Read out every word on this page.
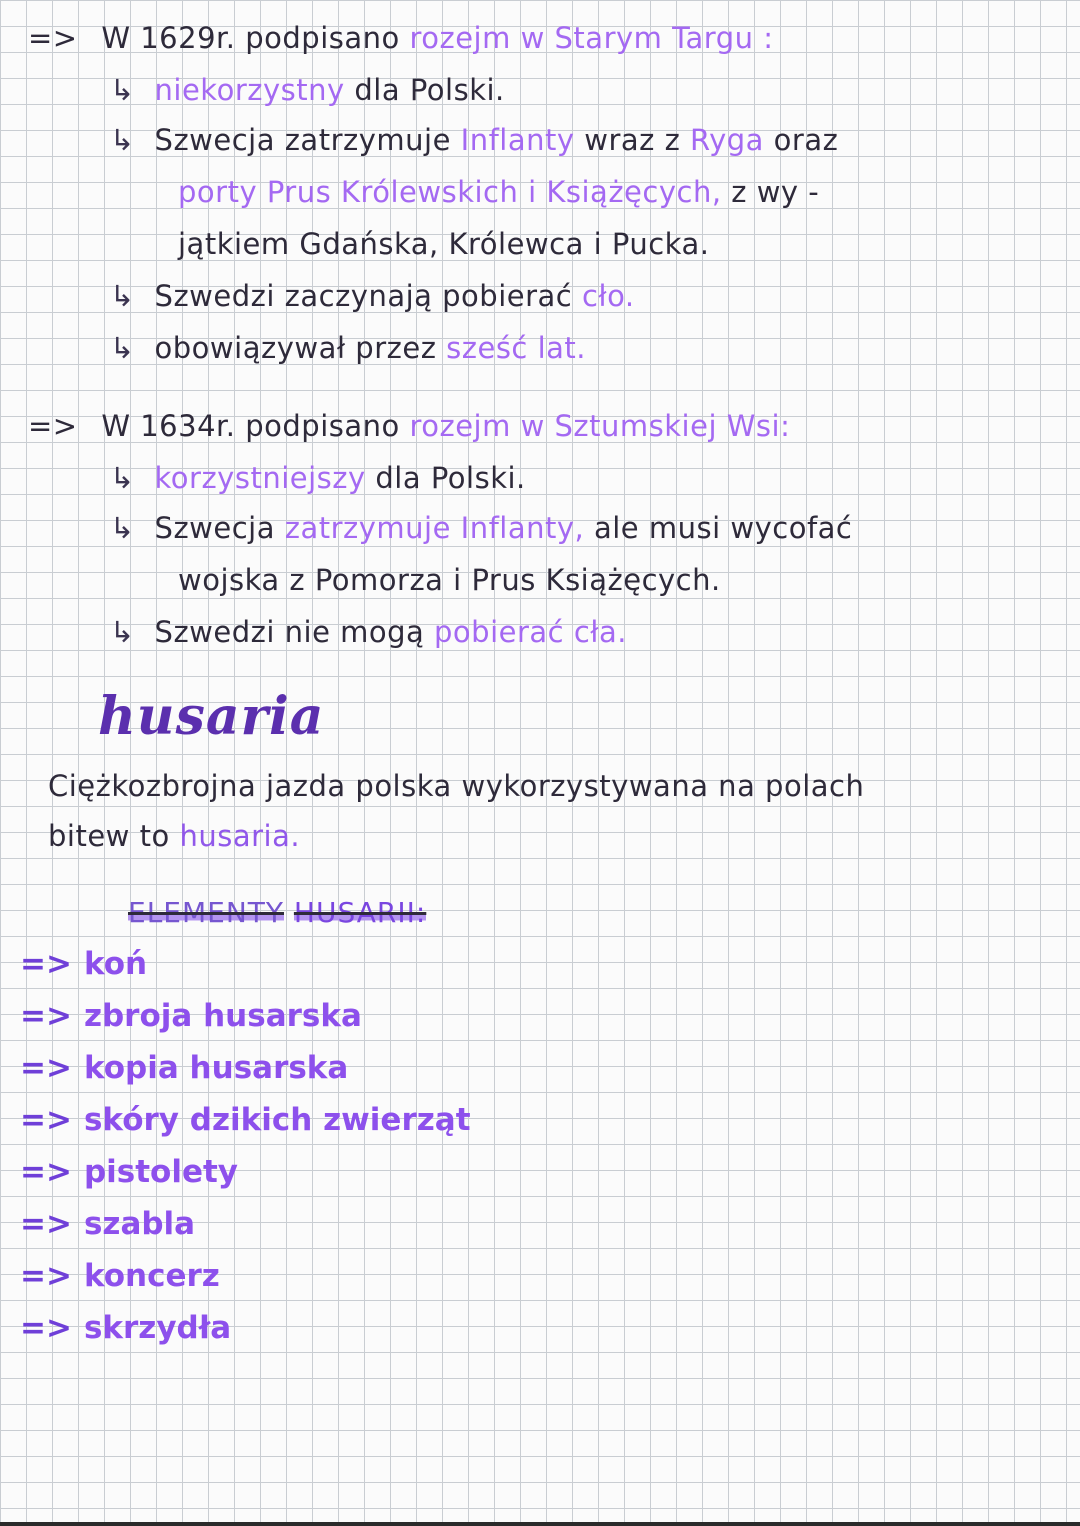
=> W 1629r. podpisano rozejm w Starym Targu :
↳ niekorzystny dla Polski.
↳ Szwecja zatrzymuje Inflanty wraz z Ryga oraz
porty Prus Królewskich i Książęcych, z wy -
jątkiem Gdańska, Królewca i Pucka.
↳ Szwedzi zaczynają pobierać cło.
↳ obowiązywał przez sześć lat.
=> W 1634r. podpisano rozejm w Sztumskiej Wsi:
↳ korzystniejszy dla Polski.
↳ Szwecja zatrzymuje Inflanty, ale musi wycofać
wojska z Pomorza i Prus Książęcych.
↳ Szwedzi nie mogą pobierać cła.
husaria
Ciężkozbrojna jazda polska wykorzystywana na polach
bitew to husaria.
ELEMENTY HUSARII:
=> koń
=> zbroja husarska
=> kopia husarska
=> skóry dzikich zwierząt
=> pistolety
=> szabla
=> koncerz
=> skrzydła
